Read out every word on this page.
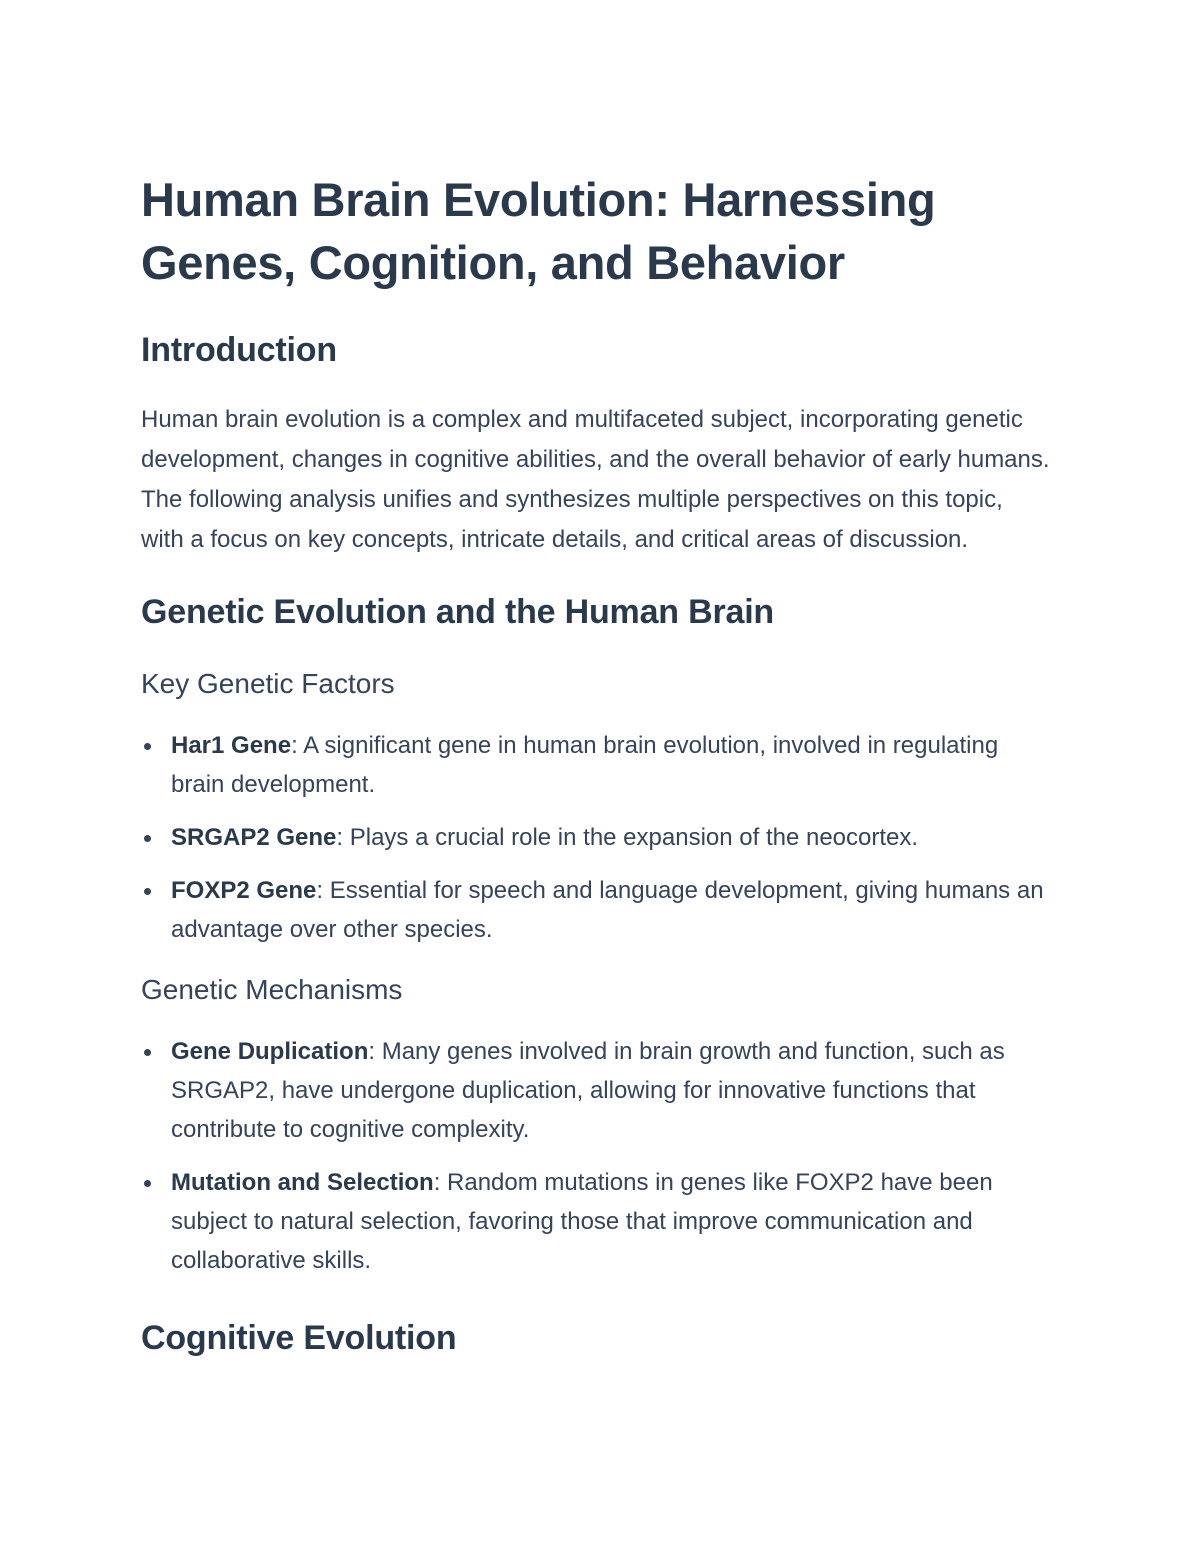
Human Brain Evolution: Harnessing Genes, Cognition, and Behavior
Introduction

Human brain evolution is a complex and multifaceted subject, incorporating genetic development, changes in cognitive abilities, and the overall behavior of early humans. The following analysis unifies and synthesizes multiple perspectives on this topic, with a focus on key concepts, intricate details, and critical areas of discussion.

Genetic Evolution and the Human Brain
Key Genetic Factors
Har1 Gene: A significant gene in human brain evolution, involved in regulating brain development.
SRGAP2 Gene: Plays a crucial role in the expansion of the neocortex.
FOXP2 Gene: Essential for speech and language development, giving humans an advantage over other species.
Genetic Mechanisms
Gene Duplication: Many genes involved in brain growth and function, such as SRGAP2, have undergone duplication, allowing for innovative functions that contribute to cognitive complexity.
Mutation and Selection: Random mutations in genes like FOXP2 have been subject to natural selection, favoring those that improve communication and collaborative skills.
Cognitive Evolution
